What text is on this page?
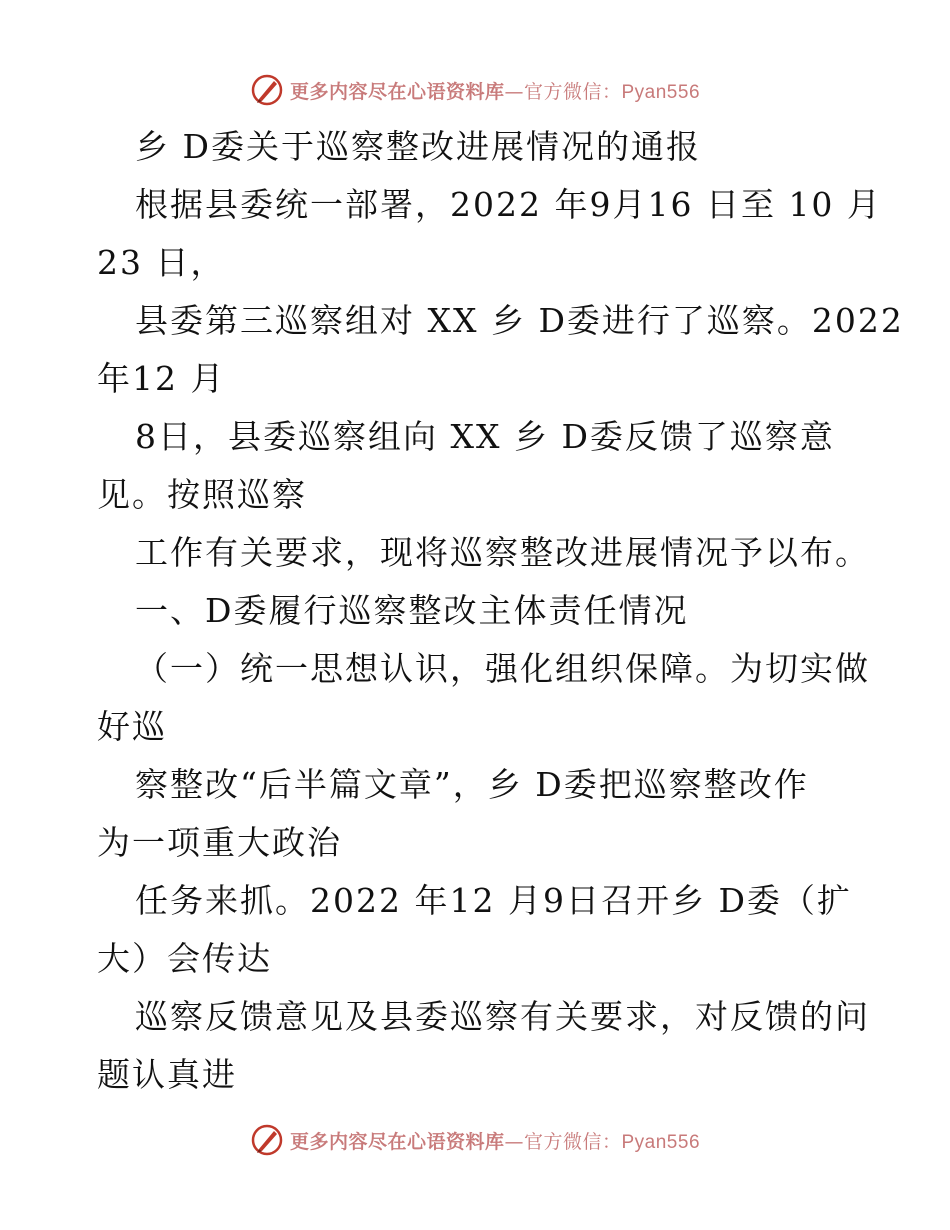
更多内容尽在心语资料库—官方微信：Pyan556
乡 D委关于巡察整改进展情况的通报
根据县委统一部署，2022 年9月16 日至 10 月
23 日，
县委第三巡察组对 XX 乡 D委进行了巡察。2022
年12 月
8日，县委巡察组向 XX 乡 D委反馈了巡察意
见。按照巡察
工作有关要求，现将巡察整改进展情况予以布。
一、D委履行巡察整改主体责任情况
（一）统一思想认识，强化组织保障。为切实做
好巡
察整改“后半篇文章”，乡 D委把巡察整改作
为一项重大政治
任务来抓。2022 年12 月9日召开乡 D委（扩
大）会传达
巡察反馈意见及县委巡察有关要求，对反馈的问
题认真进
更多内容尽在心语资料库—官方微信：Pyan556
